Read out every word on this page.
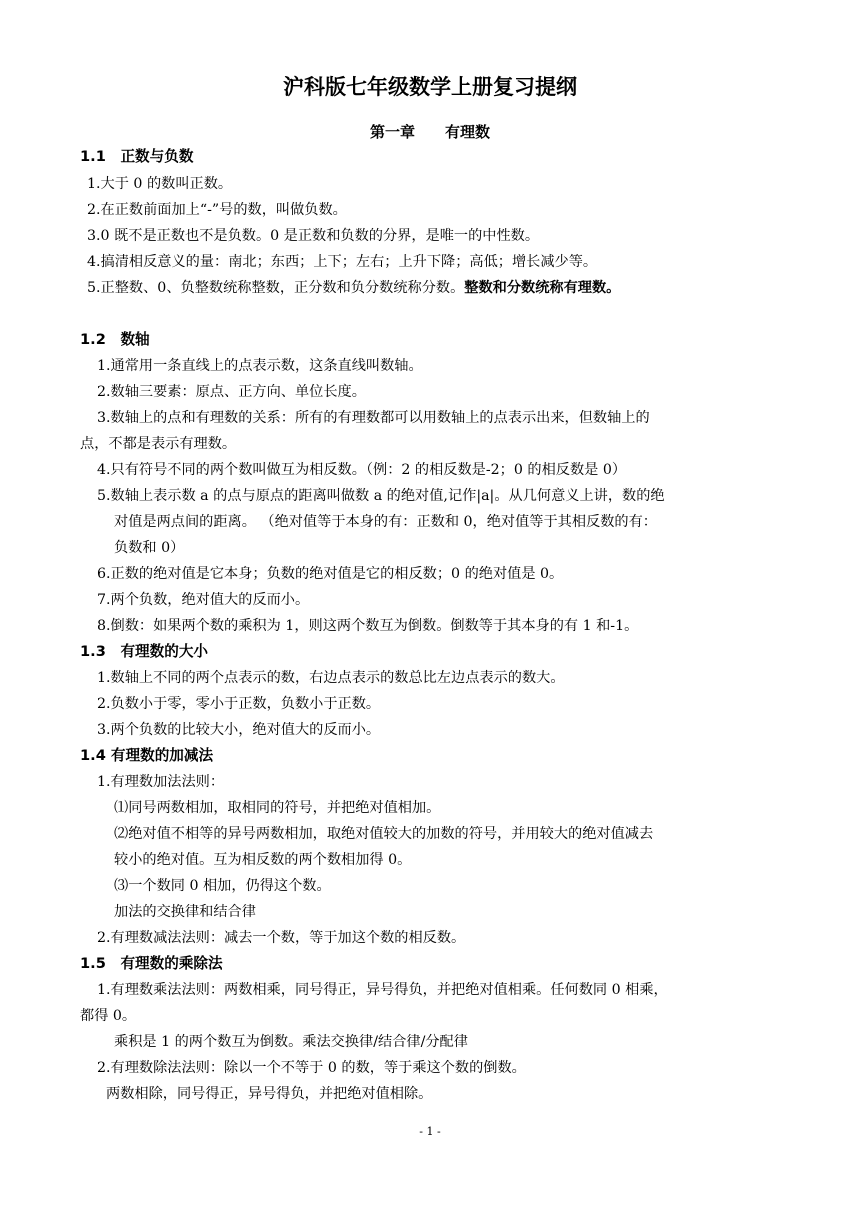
沪科版七年级数学上册复习提纲
第一章　　有理数
1.1　正数与负数
1.大于 0 的数叫正数。
2.在正数前面加上“-”号的数，叫做负数。
3.0 既不是正数也不是负数。0 是正数和负数的分界，是唯一的中性数。
4.搞清相反意义的量：南北；东西；上下；左右；上升下降；高低；增长减少等。
5.正整数、0、负整数统称整数，正分数和负分数统称分数。整数和分数统称有理数。
1.2　数轴
1.通常用一条直线上的点表示数，这条直线叫数轴。
2.数轴三要素：原点、正方向、单位长度。
3.数轴上的点和有理数的关系：所有的有理数都可以用数轴上的点表示出来，但数轴上的
点，不都是表示有理数。
4.只有符号不同的两个数叫做互为相反数。（例：2 的相反数是-2；0 的相反数是 0）
5.数轴上表示数 a 的点与原点的距离叫做数 a 的绝对值,记作|a|。从几何意义上讲，数的绝
对值是两点间的距离。 （绝对值等于本身的有：正数和 0，绝对值等于其相反数的有：
负数和 0）
6.正数的绝对值是它本身；负数的绝对值是它的相反数；0 的绝对值是 0。
7.两个负数，绝对值大的反而小。
8.倒数：如果两个数的乘积为 1，则这两个数互为倒数。倒数等于其本身的有 1 和-1。
1.3　有理数的大小
1.数轴上不同的两个点表示的数，右边点表示的数总比左边点表示的数大。
2.负数小于零，零小于正数，负数小于正数。
3.两个负数的比较大小，绝对值大的反而小。
1.4 有理数的加减法
1.有理数加法法则：
⑴同号两数相加，取相同的符号，并把绝对值相加。
⑵绝对值不相等的异号两数相加，取绝对值较大的加数的符号，并用较大的绝对值减去
较小的绝对值。互为相反数的两个数相加得 0。
⑶一个数同 0 相加，仍得这个数。
加法的交换律和结合律
2.有理数减法法则：减去一个数，等于加这个数的相反数。
1.5　有理数的乘除法
1.有理数乘法法则：两数相乘，同号得正，异号得负，并把绝对值相乘。任何数同 0 相乘，
都得 0。
乘积是 1 的两个数互为倒数。乘法交换律/结合律/分配律
2.有理数除法法则：除以一个不等于 0 的数，等于乘这个数的倒数。
两数相除，同号得正，异号得负，并把绝对值相除。
- 1 -
